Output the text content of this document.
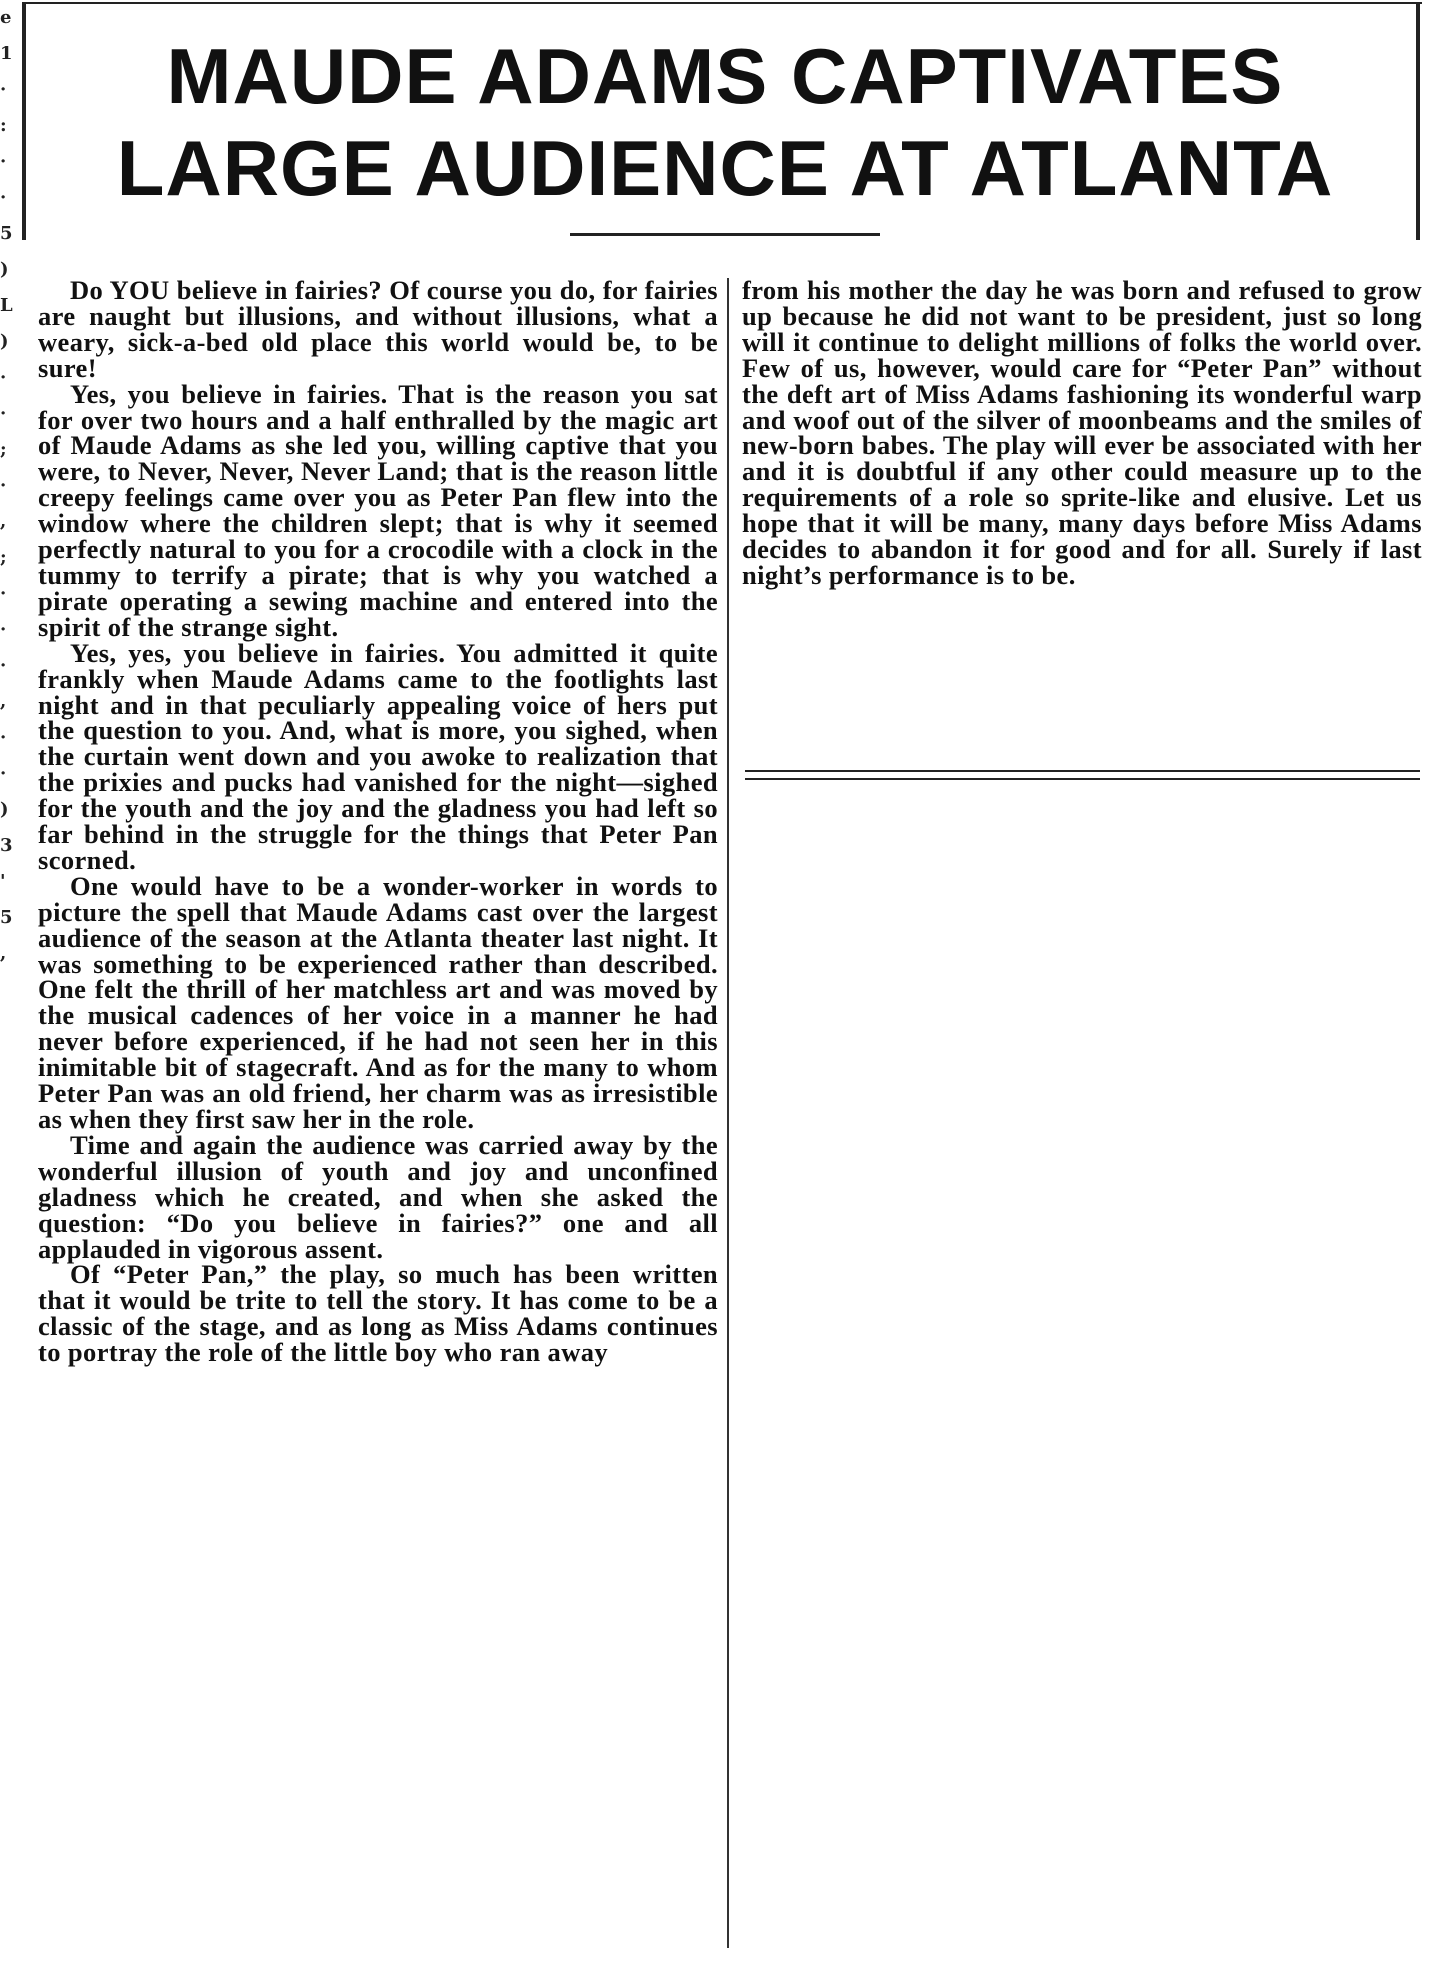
e
1
·
:
·
·
5
)
L
)
·
·
;
·
,
;
·
·
·
,
·
·
)
3
'
5
,
MAUDE ADAMS CAPTIVATES
LARGE AUDIENCE AT ATLANTA

Do YOU believe in fairies? Of course you do, for fairies are naught but illusions, and without illusions, what a weary, sick-a-bed old place this world would be, to be sure!

Yes, you believe in fairies. That is the reason you sat for over two hours and a half enthralled by the magic art of Maude Adams as she led you, willing captive that you were, to Never, Never, Never Land; that is the reason little creepy feelings came over you as Peter Pan flew into the window where the children slept; that is why it seemed perfectly natural to you for a crocodile with a clock in the tummy to terrify a pirate; that is why you watched a pirate operating a sewing machine and entered into the spirit of the strange sight.

Yes, yes, you believe in fairies. You admitted it quite frankly when Maude Adams came to the footlights last night and in that peculiarly appealing voice of hers put the question to you. And, what is more, you sighed, when the curtain went down and you awoke to realization that the prixies and pucks had vanished for the night—sighed for the youth and the joy and the gladness you had left so far behind in the struggle for the things that Peter Pan scorned.

One would have to be a wonder-worker in words to picture the spell that Maude Adams cast over the largest audience of the season at the Atlanta theater last night. It was something to be experienced rather than described. One felt the thrill of her matchless art and was moved by the musical cadences of her voice in a manner he had never before experienced, if he had not seen her in this inimitable bit of stagecraft. And as for the many to whom Peter Pan was an old friend, her charm was as irresistible as when they first saw her in the role.

Time and again the audience was carried away by the wonderful illusion of youth and joy and unconfined gladness which he created, and when she asked the question: “Do you believe in fairies?” one and all applauded in vigorous assent.

Of “Peter Pan,” the play, so much has been written that it would be trite to tell the story. It has come to be a classic of the stage, and as long as Miss Adams continues to portray the role of the little boy who ran away

from his mother the day he was born and refused to grow up because he did not want to be president, just so long will it continue to delight millions of folks the world over. Few of us, however, would care for “Peter Pan” without the deft art of Miss Adams fashioning its wonderful warp and woof out of the silver of moonbeams and the smiles of new-born babes. The play will ever be associated with her and it is doubtful if any other could measure up to the requirements of a role so sprite-like and elusive. Let us hope that it will be many, many days before Miss Adams decides to abandon it for good and for all. Surely if last night’s performance is to be.
